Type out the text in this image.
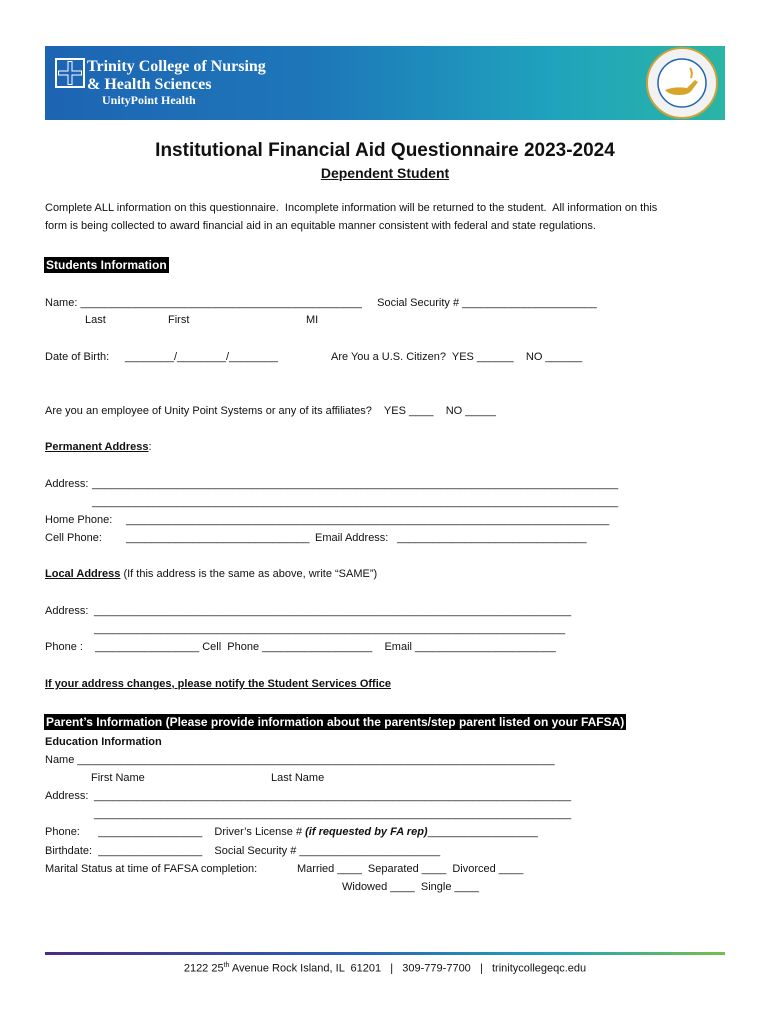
Trinity College of Nursing
& Health Sciences
UnityPoint Health
Institutional Financial Aid Questionnaire 2023-2024
Dependent Student
Complete ALL information on this questionnaire.  Incomplete information will be returned to the student.  All information on this
form is being collected to award financial aid in an equitable manner consistent with federal and state regulations.
Students Information
Name: ______________________________________________     Social Security # ______________________
Last	First	MI
Date of Birth: ________/________/________	Are You a U.S. Citizen?  YES ______    NO ______
Are you an employee of Unity Point Systems or any of its affiliates?    YES ____    NO _____
Permanent Address:
Address: ______________________________________________________________________________________
______________________________________________________________________________________
Home Phone: _______________________________________________________________________________
Cell Phone: ______________________________ Email Address: _______________________________
Local Address (If this address is the same as above, write “SAME”)
Address: ______________________________________________________________________________
_____________________________________________________________________________
Phone :    _________________ Cell  Phone __________________    Email _______________________
If your address changes, please notify the Student Services Office
Parent’s Information (Please provide information about the parents/step parent listed on your FAFSA)
Education Information
Name ______________________________________________________________________________
First Name	Last Name
Address: ______________________________________________________________________________
______________________________________________________________________________
Phone:      _________________    Driver’s License # (if requested by FA rep)__________________
Birthdate:  _________________    Social Security # _______________________
Marital Status at time of FAFSA completion:	Married ____  Separated ____  Divorced ____
Widowed ____  Single ____
2122 25th Avenue Rock Island, IL  61201   |   309-779-7700   |   trinitycollegeqc.edu
